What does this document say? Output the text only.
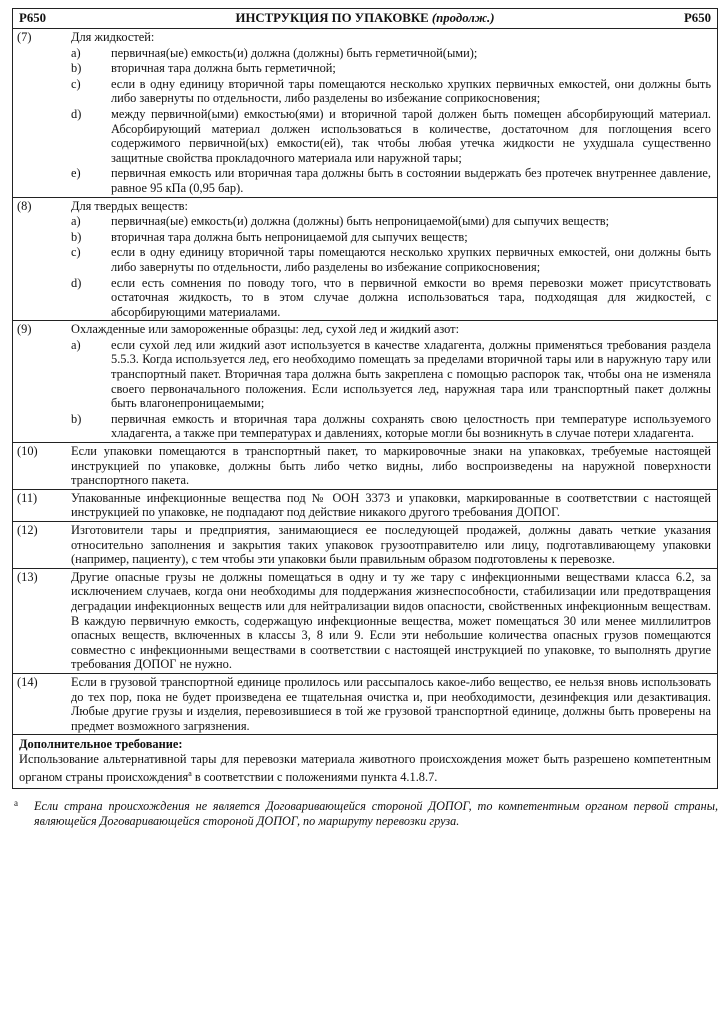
P650	ИНСТРУКЦИЯ ПО УПАКОВКЕ (продолж.)	P650
(7)	Для жидкостей:
a) первичная(ые) емкость(и) должна (должны) быть герметичной(ыми);
b) вторичная тара должна быть герметичной;
c) если в одну единицу вторичной тары помещаются несколько хрупких первичных емкостей, они должны быть либо завернуты по отдельности, либо разделены во избежание соприкосновения;
d) между первичной(ыми) емкостью(ями) и вторичной тарой должен быть помещен абсорбирующий материал. Абсорбирующий материал должен использоваться в количестве, достаточном для поглощения всего содержимого первичной(ых) емкости(ей), так чтобы любая утечка жидкости не ухудшала существенно защитные свойства прокладочного материала или наружной тары;
e) первичная емкость или вторичная тара должны быть в состоянии выдержать без протечек внутреннее давление, равное 95 кПа (0,95 бар).
(8)	Для твердых веществ:
a) первичная(ые) емкость(и) должна (должны) быть непроницаемой(ыми) для сыпучих веществ;
b) вторичная тара должна быть непроницаемой для сыпучих веществ;
c) если в одну единицу вторичной тары помещаются несколько хрупких первичных емкостей, они должны быть либо завернуты по отдельности, либо разделены во избежание соприкосновения;
d) если есть сомнения по поводу того, что в первичной емкости во время перевозки может присутствовать остаточная жидкость, то в этом случае должна использоваться тара, подходящая для жидкостей, с абсорбирующими материалами.
(9)	Охлажденные или замороженные образцы: лед, сухой лед и жидкий азот:
a) если сухой лед или жидкий азот используется в качестве хладагента, должны применяться требования раздела 5.5.3. Когда используется лед, его необходимо помещать за пределами вторичной тары или в наружную тару или транспортный пакет. Вторичная тара должна быть закреплена с помощью распорок так, чтобы она не изменяла своего первоначального положения. Если используется лед, наружная тара или транспортный пакет должны быть влагонепроницаемыми;
b) первичная емкость и вторичная тара должны сохранять свою целостность при температуре используемого хладагента, а также при температурах и давлениях, которые могли бы возникнуть в случае потери хладагента.
(10)	Если упаковки помещаются в транспортный пакет, то маркировочные знаки на упаковках, требуемые настоящей инструкцией по упаковке, должны быть либо четко видны, либо воспроизведены на наружной поверхности транспортного пакета.
(11)	Упакованные инфекционные вещества под № ООН 3373 и упаковки, маркированные в соответствии с настоящей инструкцией по упаковке, не подпадают под действие никакого другого требования ДОПОГ.
(12)	Изготовители тары и предприятия, занимающиеся ее последующей продажей, должны давать четкие указания относительно заполнения и закрытия таких упаковок грузоотправителю или лицу, подготавливающему упаковки (например, пациенту), с тем чтобы эти упаковки были правильным образом подготовлены к перевозке.
(13)	Другие опасные грузы не должны помещаться в одну и ту же тару с инфекционными веществами класса 6.2, за исключением случаев, когда они необходимы для поддержания жизнеспособности, стабилизации или предотвращения деградации инфекционных веществ или для нейтрализации видов опасности, свойственных инфекционным веществам. В каждую первичную емкость, содержащую инфекционные вещества, может помещаться 30 или менее миллилитров опасных веществ, включенных в классы 3, 8 или 9. Если эти небольшие количества опасных грузов помещаются совместно с инфекционными веществами в соответствии с настоящей инструкцией по упаковке, то выполнять другие требования ДОПОГ не нужно.
(14)	Если в грузовой транспортной единице пролилось или рассыпалось какое-либо вещество, ее нельзя вновь использовать до тех пор, пока не будет произведена ее тщательная очистка и, при необходимости, дезинфекция или дезактивация. Любые другие грузы и изделия, перевозившиеся в той же грузовой транспортной единице, должны быть проверены на предмет возможного загрязнения.
Дополнительное требование:
Использование альтернативной тары для перевозки материала животного происхождения может быть разрешено компетентным органом страны происхождения$^a$ в соответствии с положениями пункта 4.1.8.7.
a Если страна происхождения не является Договаривающейся стороной ДОПОГ, то компетентным органом первой страны, являющейся Договаривающейся стороной ДОПОГ, по маршруту перевозки груза.
